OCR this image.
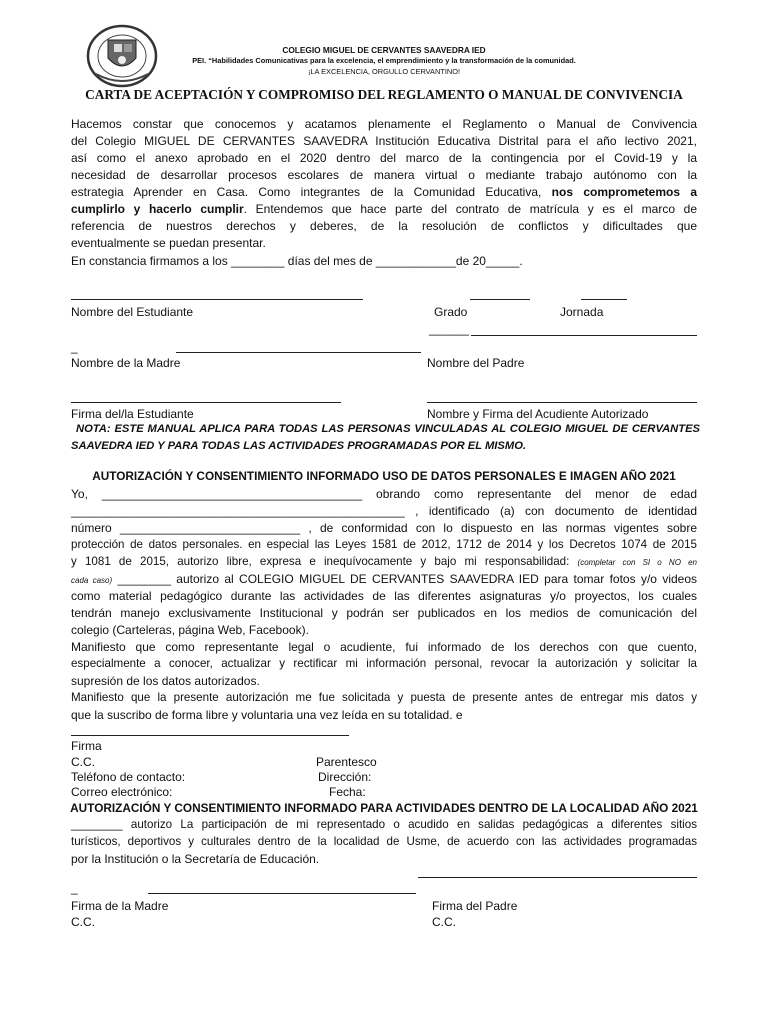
COLEGIO MIGUEL DE CERVANTES SAAVEDRA IED
PEI. “Habilidades Comunicativas para la excelencia, el emprendimiento y la transformación de la comunidad.
¡LA EXCELENCIA, ORGULLO CERVANTINO!
CARTA DE ACEPTACIÓN Y COMPROMISO DEL REGLAMENTO O MANUAL DE CONVIVENCIA
Hacemos constar que conocemos y acatamos plenamente el Reglamento o Manual de Convivencia
del Colegio MIGUEL DE CERVANTES SAAVEDRA Institución Educativa Distrital para el año lectivo 2021,
así como el anexo aprobado en el 2020 dentro del marco de la contingencia por el Covid-19 y la
necesidad de desarrollar procesos escolares de manera virtual o mediante trabajo autónomo con la
estrategia Aprender en Casa. Como integrantes de la Comunidad Educativa, nos comprometemos a
cumplirlo y hacerlo cumplir. Entendemos que hace parte del contrato de matrícula y es el marco de
referencia de nuestros derechos y deberes, de la resolución de conflictos y dificultades que
eventualmente se puedan presentar.
En constancia firmamos a los ________ días del mes de ____________de 20_____.
Nombre del Estudiante	Grado	Jornada
______
_
Nombre de la Madre	Nombre del Padre
Firma del/la Estudiante	Nombre y Firma del Acudiente Autorizado
NOTA: ESTE MANUAL APLICA PARA TODAS LAS PERSONAS VINCULADAS AL COLEGIO MIGUEL DE CERVANTES
SAAVEDRA IED Y PARA TODAS LAS ACTIVIDADES PROGRAMADAS POR EL MISMO.
AUTORIZACIÓN Y CONSENTIMIENTO INFORMADO USO DE DATOS PERSONALES E IMAGEN AÑO 2021
Yo, _______________________________________ obrando como representante del menor de edad
__________________________________________________ , identificado (a) con documento de identidad
número ___________________________ , de conformidad con lo dispuesto en las normas vigentes sobre
protección de datos personales. en especial las Leyes 1581 de 2012, 1712 de 2014 y los Decretos 1074 de 2015
y 1081 de 2015, autorizo libre, expresa e inequívocamente y bajo mi responsabilidad: (completar con SI o NO en
cada caso) ________ autorizo al COLEGIO MIGUEL DE CERVANTES SAAVEDRA IED para tomar fotos y/o videos
como material pedagógico durante las actividades de las diferentes asignaturas y/o proyectos, los cuales
tendrán manejo exclusivamente Institucional y podrán ser publicados en los medios de comunicación del
colegio (Carteleras, página Web, Facebook).
Manifiesto que como representante legal o acudiente, fui informado de los derechos con que cuento,
especialmente a conocer, actualizar y rectificar mi información personal, revocar la autorización y solicitar la
supresión de los datos autorizados.
Manifiesto que la presente autorización me fue solicitada y puesta de presente antes de entregar mis datos y
que la suscribo de forma libre y voluntaria una vez leída en su totalidad. e
Firma
C.C.	Parentesco
Teléfono de contacto:	Dirección:
Correo electrónico:	Fecha:
AUTORIZACIÓN Y CONSENTIMIENTO INFORMADO PARA ACTIVIDADES DENTRO DE LA LOCALIDAD AÑO 2021
________ autorizo La participación de mi representado o acudido en salidas pedagógicas a diferentes sitios
turísticos, deportivos y culturales dentro de la localidad de Usme, de acuerdo con las actividades programadas
por la Institución o la Secretaría de Educación.
_
Firma de la Madre	Firma del Padre
C.C.	C.C.
